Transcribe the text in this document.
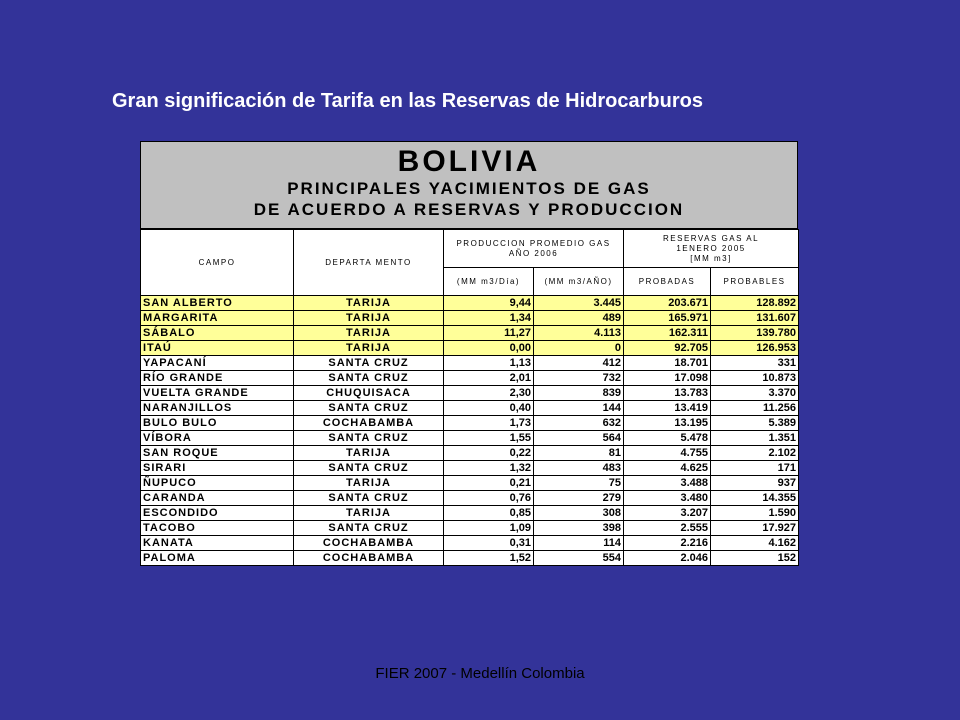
Gran significación de Tarifa en las Reservas de Hidrocarburos
BOLIVIA
PRINCIPALES YACIMIENTOS DE GAS
DE ACUERDO A RESERVAS Y PRODUCCION
CAMPO	DEPARTA MENTO	PRODUCCION PROMEDIO GAS AÑO 2006		RESERVAS GAS AL
1ENERO 2005
[MM m3]	

		(MM m3/Día)	(MM m3/AÑO)	PROBADAS	PROBABLES
SAN ALBERTO	TARIJA	9,44	3.445	203.671	128.892
MARGARITA	TARIJA	1,34	489	165.971	131.607
SÁBALO	TARIJA	11,27	4.113	162.311	139.780
ITAÚ	TARIJA	0,00	0	92.705	126.953
YAPACANÍ	SANTA CRUZ	1,13	412	18.701	331
RÍO GRANDE	SANTA CRUZ	2,01	732	17.098	10.873
VUELTA GRANDE	CHUQUISACA	2,30	839	13.783	3.370
NARANJILLOS	SANTA CRUZ	0,40	144	13.419	11.256
BULO BULO	COCHABAMBA	1,73	632	13.195	5.389
VÍBORA	SANTA CRUZ	1,55	564	5.478	1.351
SAN ROQUE	TARIJA	0,22	81	4.755	2.102
SIRARI	SANTA CRUZ	1,32	483	4.625	171
ÑUPUCO	TARIJA	0,21	75	3.488	937
CARANDA	SANTA CRUZ	0,76	279	3.480	14.355
ESCONDIDO	TARIJA	0,85	308	3.207	1.590
TACOBO	SANTA CRUZ	1,09	398	2.555	17.927
KANATA	COCHABAMBA	0,31	114	2.216	4.162
PALOMA	COCHABAMBA	1,52	554	2.046	152
FIER 2007 - Medellín Colombia
